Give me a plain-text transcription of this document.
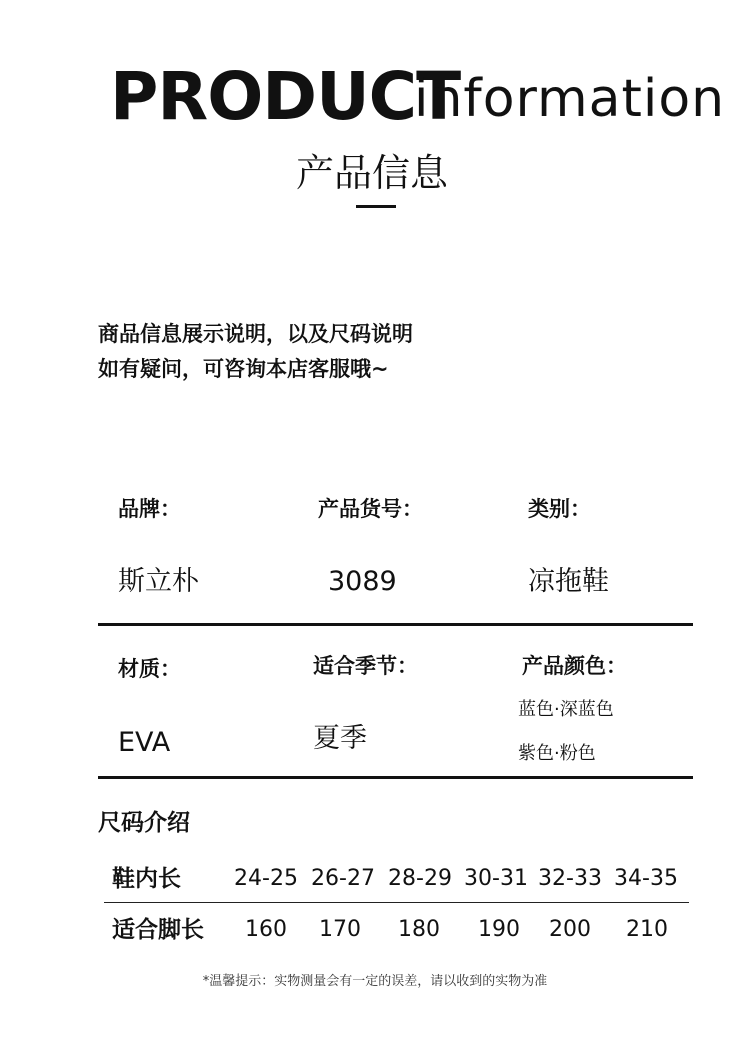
PRODUCT
information
产品信息
商品信息展示说明，以及尺码说明
如有疑问，可咨询本店客服哦~
品牌：	产品货号：	类别：
斯立朴	3089	凉拖鞋
材质：	适合季节：	产品颜色：
EVA	夏季
蓝色·深蓝色
紫色·粉色
尺码介绍
鞋内长	24-25 26-27 28-29 30-31 32-33 34-35
适合脚长	160	170	180	190	200	210
*温馨提示：实物测量会有一定的误差，请以收到的实物为准
